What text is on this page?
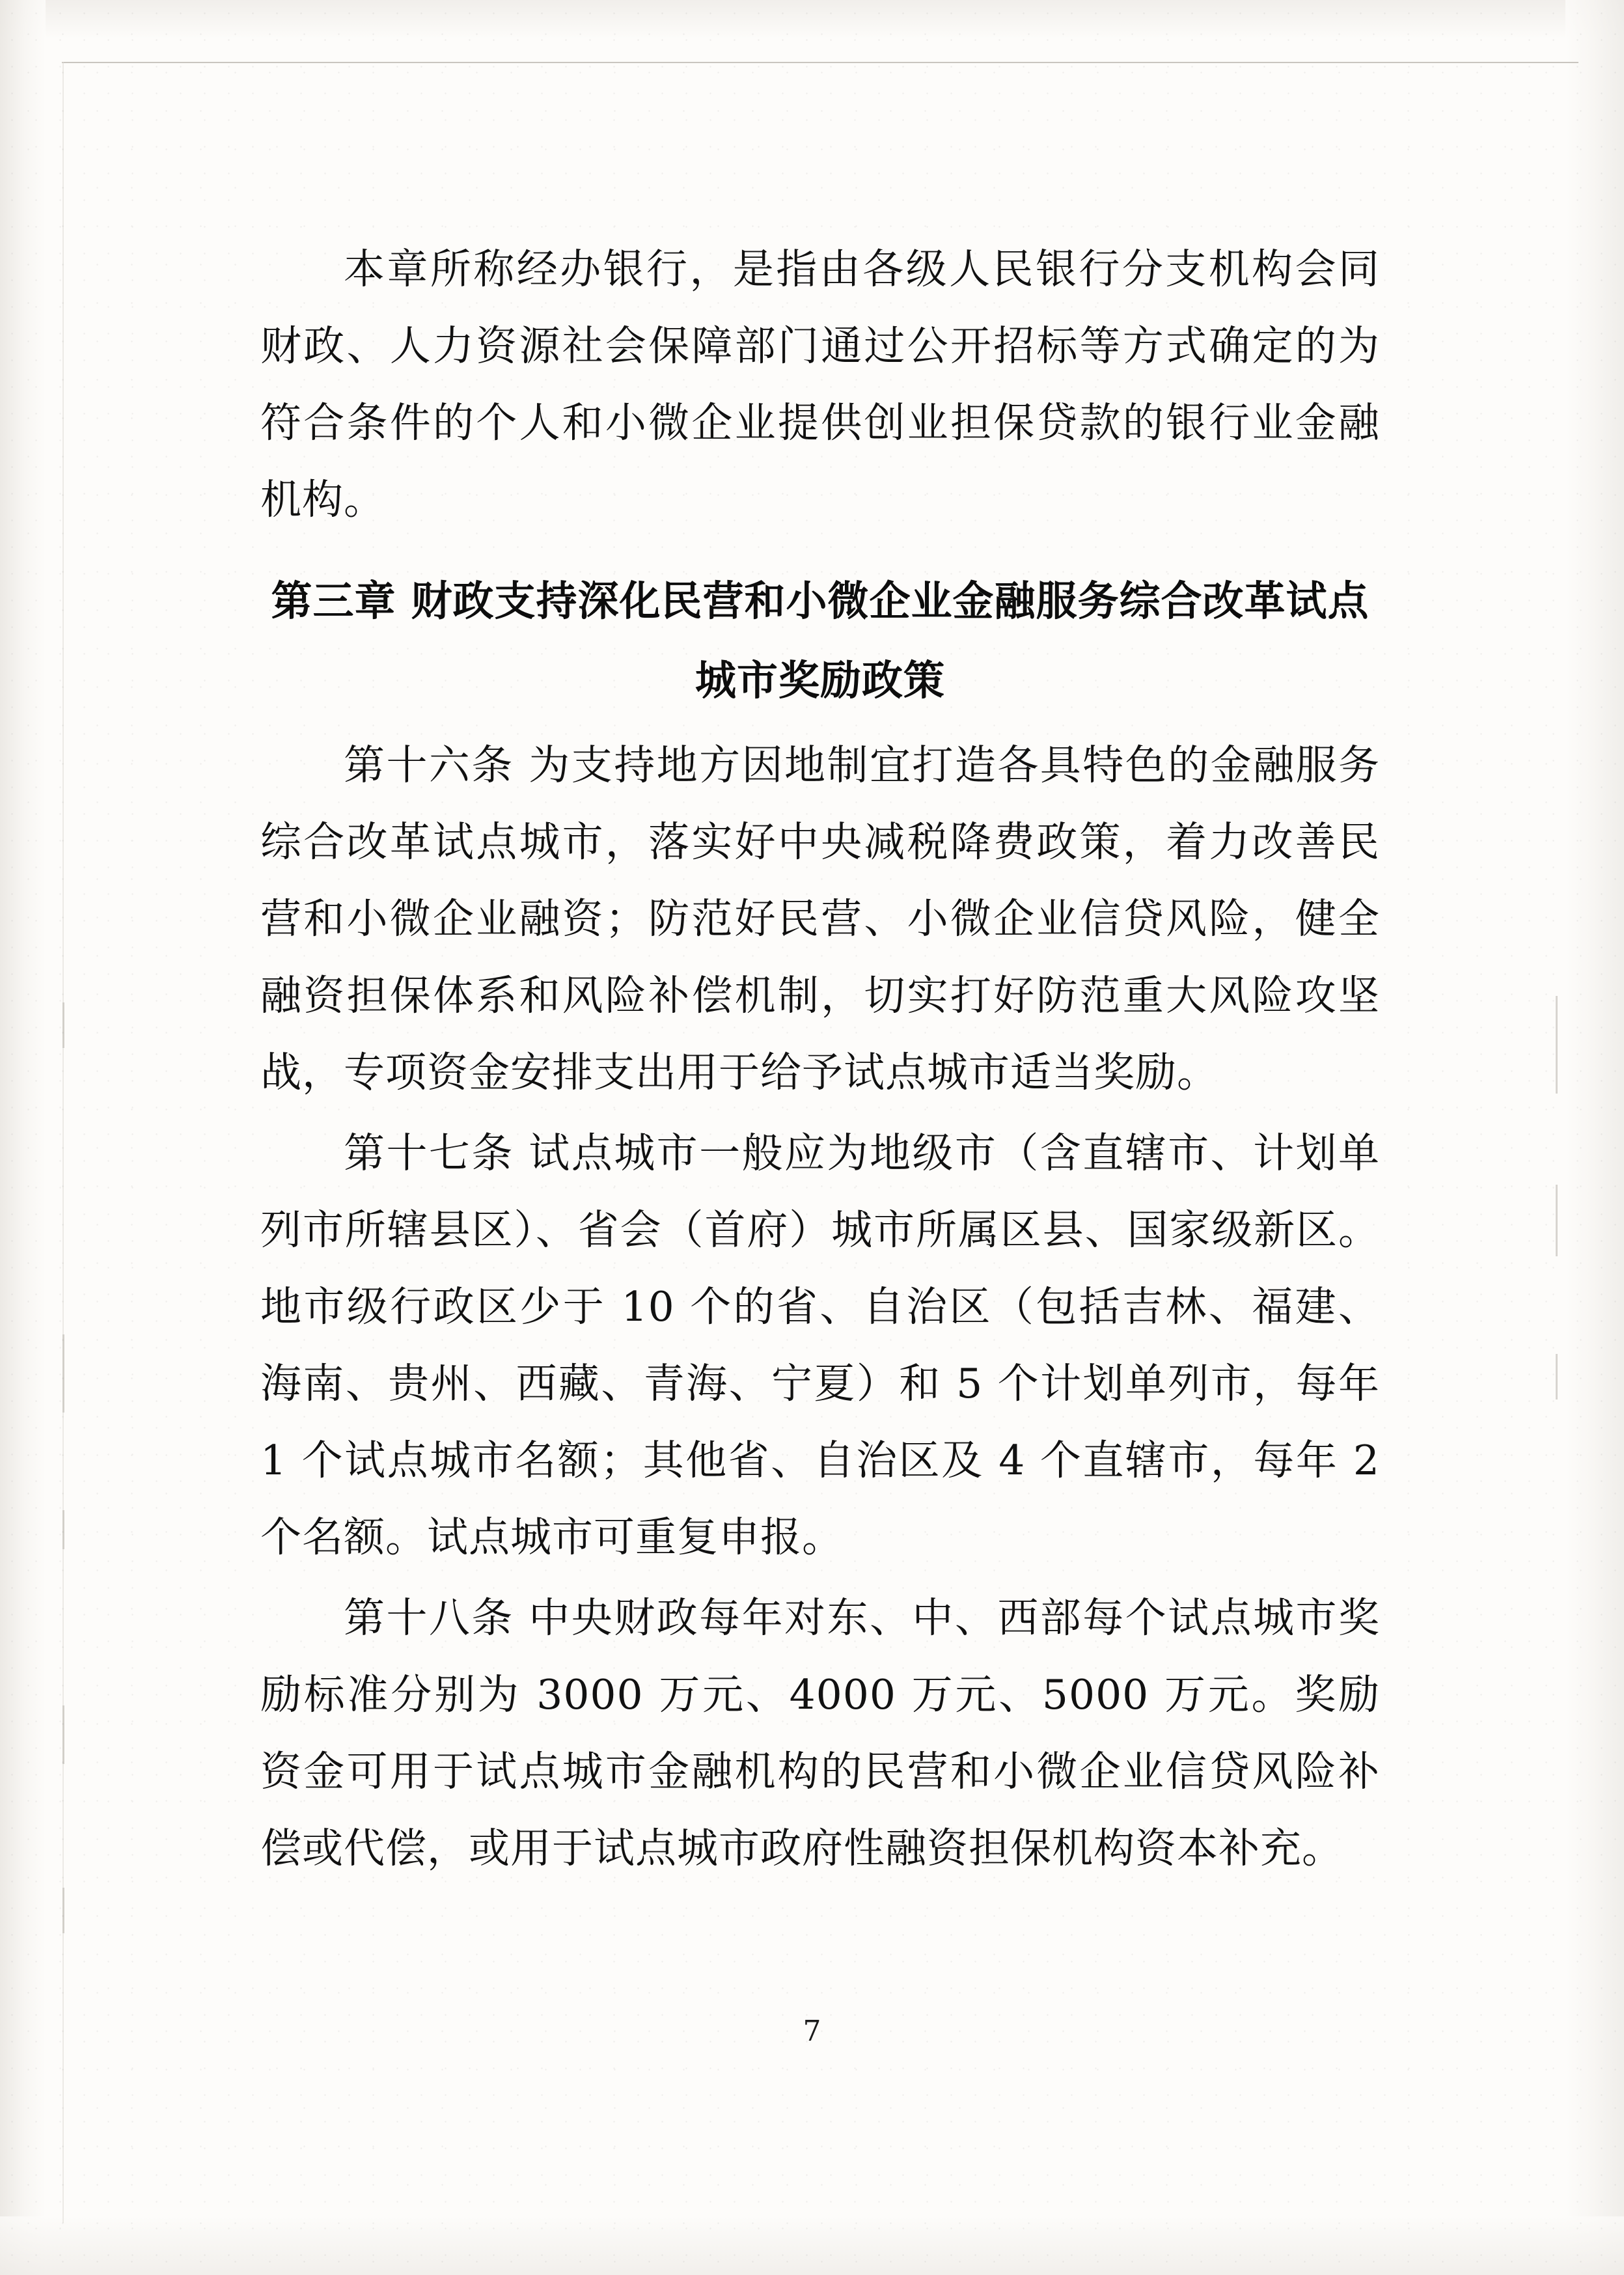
本章所称经办银行，是指由各级人民银行分支机构会同财政、人力资源社会保障部门通过公开招标等方式确定的为符合条件的个人和小微企业提供创业担保贷款的银行业金融机构。

第三章 财政支持深化民营和小微企业金融服务综合改革试点城市奖励政策

第十六条 为支持地方因地制宜打造各具特色的金融服务综合改革试点城市，落实好中央减税降费政策，着力改善民营和小微企业融资；防范好民营、小微企业信贷风险，健全融资担保体系和风险补偿机制，切实打好防范重大风险攻坚战，专项资金安排支出用于给予试点城市适当奖励。

第十七条 试点城市一般应为地级市（含直辖市、计划单列市所辖县区）、省会（首府）城市所属区县、国家级新区。地市级行政区少于 10 个的省、自治区（包括吉林、福建、海南、贵州、西藏、青海、宁夏）和 5 个计划单列市，每年 1 个试点城市名额；其他省、自治区及 4 个直辖市，每年 2 个名额。试点城市可重复申报。

第十八条 中央财政每年对东、中、西部每个试点城市奖励标准分别为 3000 万元、4000 万元、5000 万元。奖励资金可用于试点城市金融机构的民营和小微企业信贷风险补偿或代偿，或用于试点城市政府性融资担保机构资本补充。

7
